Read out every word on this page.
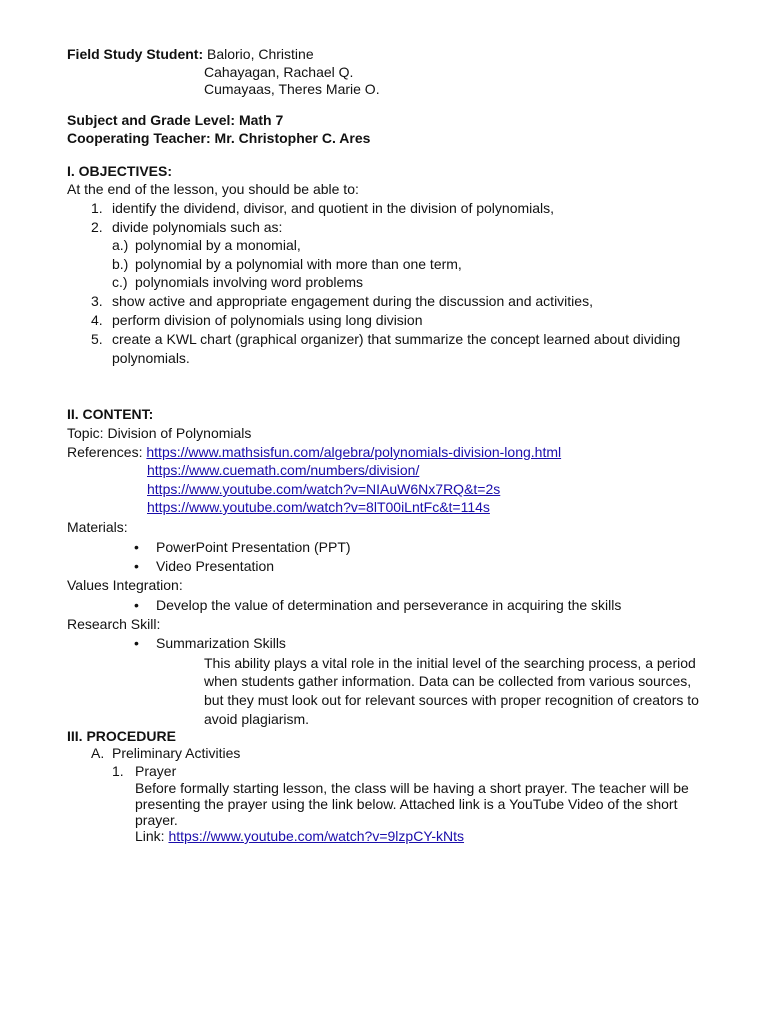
Field Study Student: Balorio, Christine
Cahayagan, Rachael Q.
Cumayaas, Theres Marie O.
Subject and Grade Level: Math 7
Cooperating Teacher: Mr. Christopher C. Ares
I. OBJECTIVES:
At the end of the lesson, you should be able to:
1. identify the dividend, divisor, and quotient in the division of polynomials,
2. divide polynomials such as:
a.) polynomial by a monomial,
b.) polynomial by a polynomial with more than one term,
c.) polynomials involving word problems
3. show active and appropriate engagement during the discussion and activities,
4. perform division of polynomials using long division
5. create a KWL chart (graphical organizer) that summarize the concept learned about dividing
polynomials.
II. CONTENT:
Topic: Division of Polynomials
References: https://www.mathsisfun.com/algebra/polynomials-division-long.html
https://www.cuemath.com/numbers/division/
https://www.youtube.com/watch?v=NIAuW6Nx7RQ&t=2s
https://www.youtube.com/watch?v=8lT00iLntFc&t=114s
Materials:
• PowerPoint Presentation (PPT)
• Video Presentation
Values Integration:
• Develop the value of determination and perseverance in acquiring the skills
Research Skill:
• Summarization Skills
This ability plays a vital role in the initial level of the searching process, a period
when students gather information. Data can be collected from various sources,
but they must look out for relevant sources with proper recognition of creators to
avoid plagiarism.
III. PROCEDURE
A. Preliminary Activities
1. Prayer
Before formally starting lesson, the class will be having a short prayer. The teacher will be
presenting the prayer using the link below. Attached link is a YouTube Video of the short
prayer.
Link: https://www.youtube.com/watch?v=9lzpCY-kNts
